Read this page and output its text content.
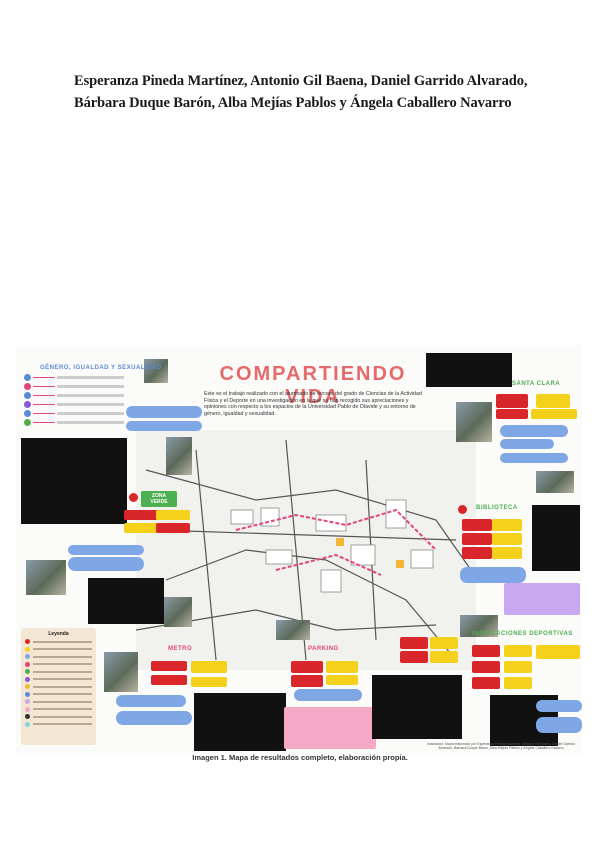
Esperanza Pineda Martínez, Antonio Gil Baena, Daniel Garrido Alvarado,
Bárbara Duque Barón, Alba Mejías Pablos y Ángela Caballero Navarro
COMPARTIENDO VIDA
Este es el trabajo realizado con el alumnado de tercero del grado de Ciencias de la Actividad Física y el Deporte en una investigación en la que se han recogido sus apreciaciones y opiniones con respecto a los espacios de la Universidad Pablo de Olavide y su entorno de género, igualdad y sexualidad.
GÉNERO, IGUALDAD Y SEXUALIDAD
ZONA VERDE
SANTA CLARA
BIBLIOTECA
METRO	PARKING
INSTALACIONES DEPORTIVAS
Leyenda
Ilustración: Mapa elaborado por Esperanza Pineda Martínez, Antonio Gil Baena, Daniel Garrido Alvarado, Bárbara Duque Barón, Alba Mejías Pablos y Ángela Caballero Navarro
Imagen 1. Mapa de resultados completo, elaboración propia.
